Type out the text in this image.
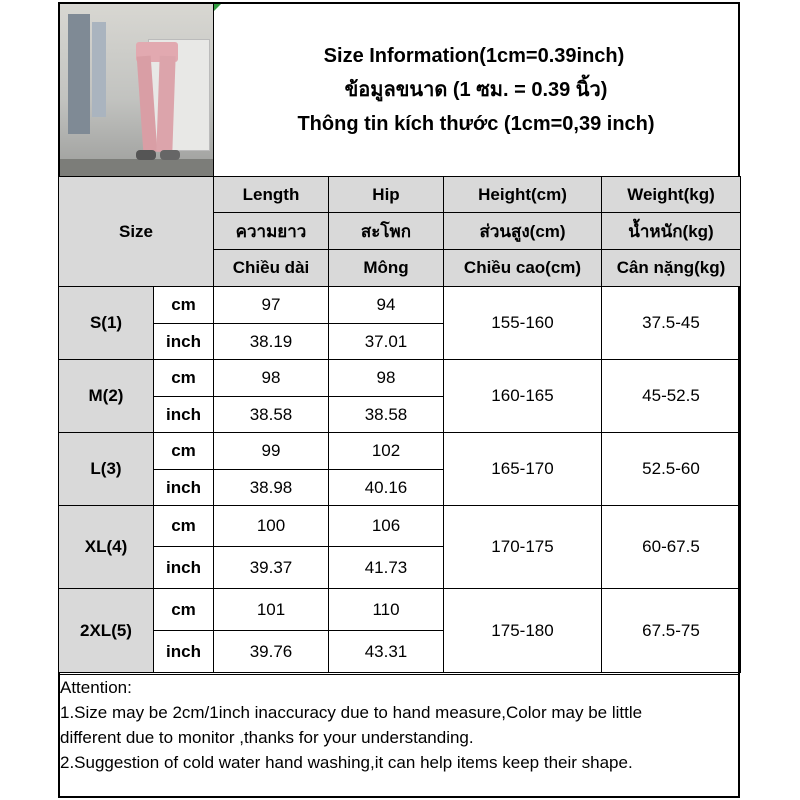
Size Information(1cm=0.39inch)
ข้อมูลขนาด (1 ซม. = 0.39 นิ้ว)
Thông tin kích thước (1cm=0,39 inch)
Size		Length	Hip	Height(cm)	Weight(kg)
		ความยาว	สะโพก	ส่วนสูง(cm)	น้ำหนัก(kg)
		Chiều dài	Mông	Chiều cao(cm)	Cân nặng(kg)
S(1)	cm	97	94	155-160	37.5-45
	inch	38.19	37.01		
M(2)	cm	98	98	160-165	45-52.5
	inch	38.58	38.58		
L(3)	cm	99	102	165-170	52.5-60
	inch	38.98	40.16		
XL(4)	cm	100	106	170-175	60-67.5
	inch	39.37	41.73		
2XL(5)	cm	101	110	175-180	67.5-75
	inch	39.76	43.31		
Attention:
1.Size may be 2cm/1inch inaccuracy due to hand measure,Color may be little
different due to monitor ,thanks for your understanding.
2.Suggestion of cold water hand washing,it can help items keep their shape.
